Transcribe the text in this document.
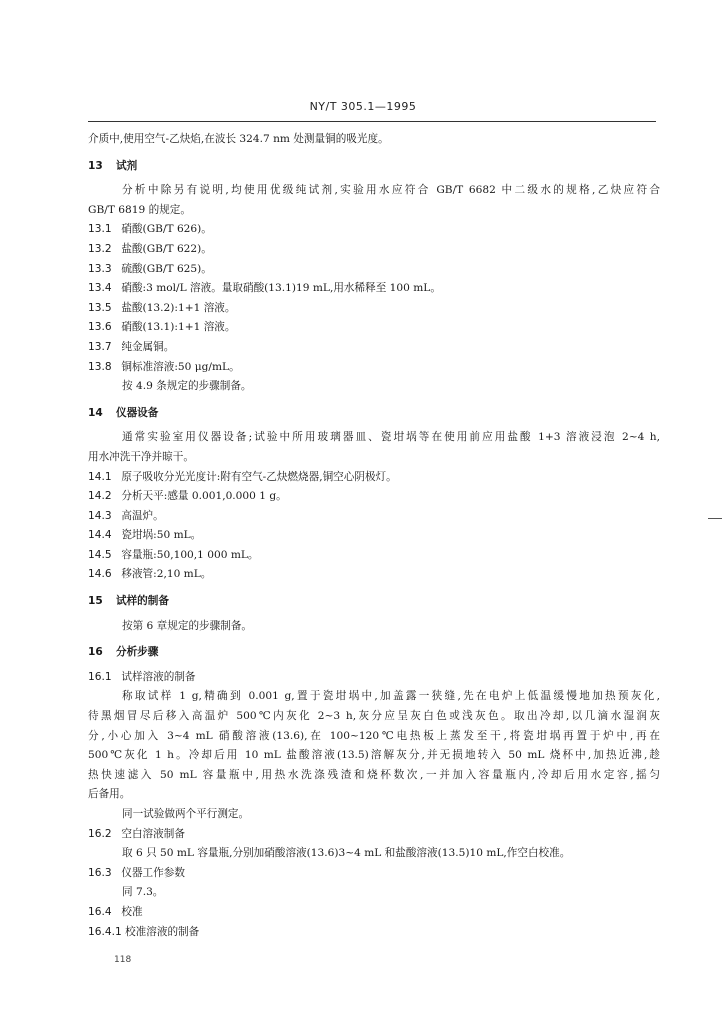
NY/T 305.1—1995
介质中,使用空气-乙炔焰,在波长 324.7 nm 处测量铜的吸光度。
13 试剂
分析中除另有说明,均使用优级纯试剂,实验用水应符合 GB/T 6682 中二级水的规格,乙炔应符合
GB/T 6819 的规定。
13.1 硝酸(GB/T 626)。
13.2 盐酸(GB/T 622)。
13.3 硫酸(GB/T 625)。
13.4 硝酸:3 mol/L 溶液。量取硝酸(13.1)19 mL,用水稀释至 100 mL。
13.5 盐酸(13.2):1+1 溶液。
13.6 硝酸(13.1):1+1 溶液。
13.7 纯金属铜。
13.8 铜标准溶液:50 μg/mL。
按 4.9 条规定的步骤制备。
14 仪器设备
通常实验室用仪器设备;试验中所用玻璃器皿、瓷坩埚等在使用前应用盐酸 1+3 溶液浸泡 2~4 h,
用水冲洗干净并晾干。
14.1 原子吸收分光光度计:附有空气-乙炔燃烧器,铜空心阴极灯。
14.2 分析天平:感量 0.001,0.000 1 g。
14.3 高温炉。
14.4 瓷坩埚:50 mL。
14.5 容量瓶:50,100,1 000 mL。
14.6 移液管:2,10 mL。
15 试样的制备
按第 6 章规定的步骤制备。
16 分析步骤
16.1 试样溶液的制备
称取试样 1 g,精确到 0.001 g,置于瓷坩埚中,加盖露一狭缝,先在电炉上低温缓慢地加热预灰化,
待黑烟冒尽后移入高温炉 500℃内灰化 2~3 h,灰分应呈灰白色或浅灰色。取出冷却,以几滴水湿润灰
分,小心加入 3~4 mL 硝酸溶液(13.6),在 100~120℃电热板上蒸发至干,将瓷坩埚再置于炉中,再在
500℃灰化 1 h。冷却后用 10 mL 盐酸溶液(13.5)溶解灰分,并无损地转入 50 mL 烧杯中,加热近沸,趁
热快速滤入 50 mL 容量瓶中,用热水洗涤残渣和烧杯数次,一并加入容量瓶内,冷却后用水定容,摇匀
后备用。
同一试验做两个平行测定。
16.2 空白溶液制备
取 6 只 50 mL 容量瓶,分别加硝酸溶液(13.6)3~4 mL 和盐酸溶液(13.5)10 mL,作空白校准。
16.3 仪器工作参数
同 7.3。
16.4 校准
16.4.1 校准溶液的制备
118
